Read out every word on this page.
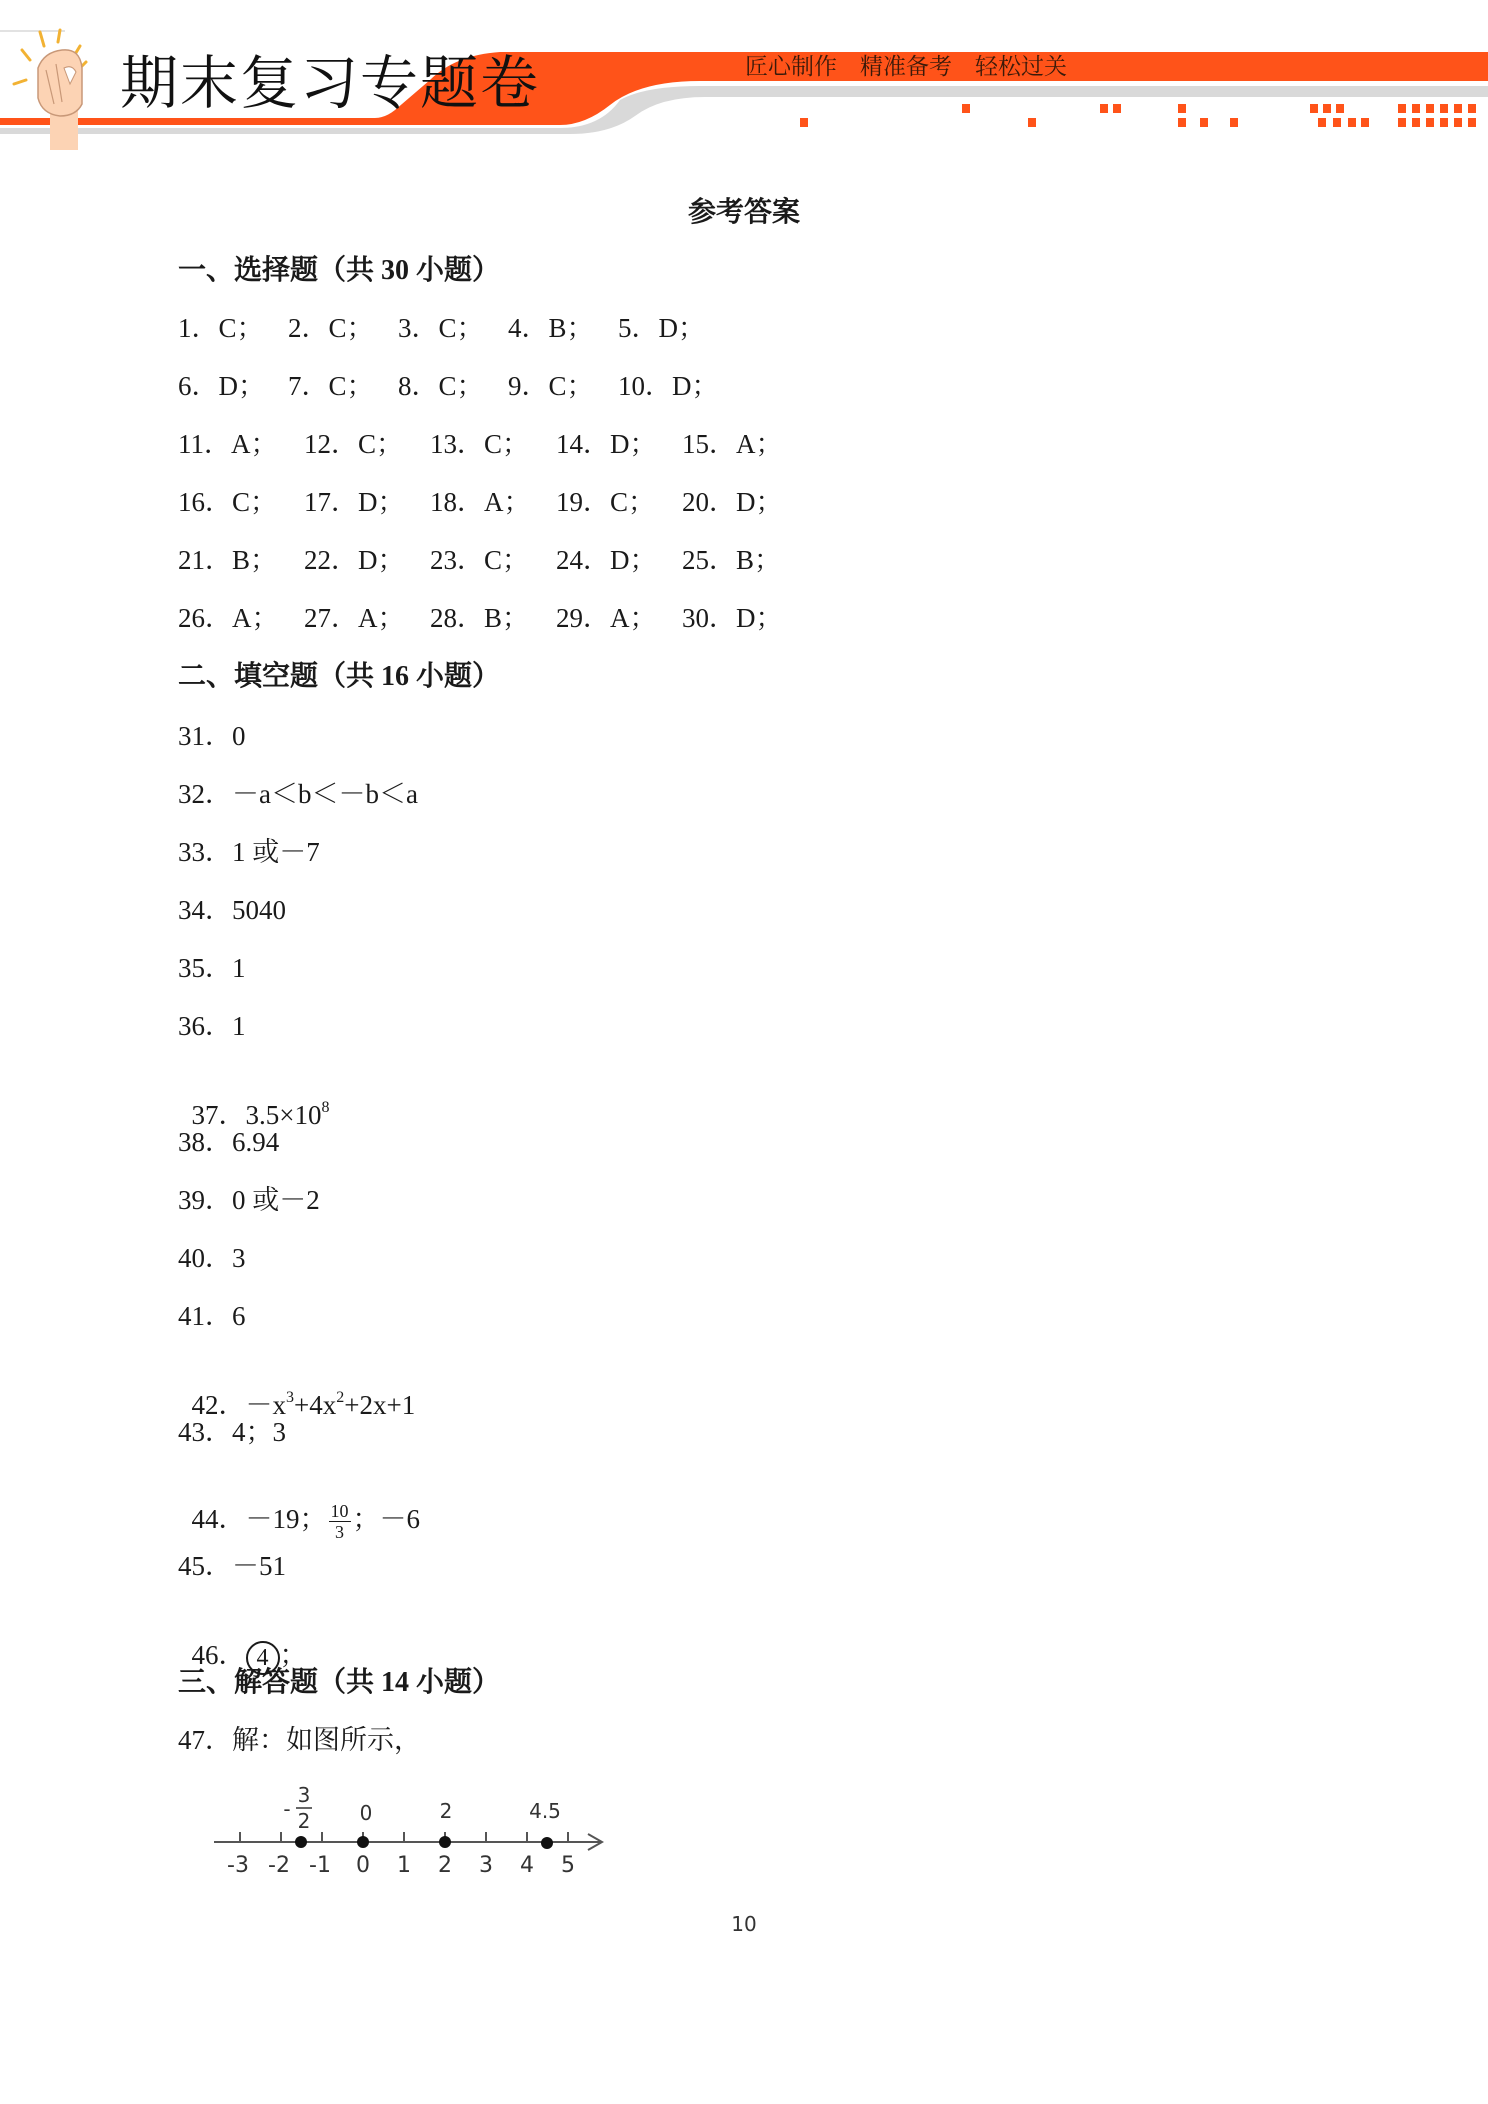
期末复习专题卷	匠心制作　精准备考　轻松过关
参考答案
一、选择题（共 30 小题）
1．C； 2．C； 3．C； 4．B； 5．D；
6．D； 7．C； 8．C； 9．C； 10．D；
11．A； 12．C； 13．C； 14．D； 15．A；
16．C； 17．D； 18．A； 19．C； 20．D；
21．B； 22．D； 23．C； 24．D； 25．B；
26．A； 27．A； 28．B； 29．A； 30．D；
二、填空题（共 16 小题）
31．0
32．－a＜b＜－b＜a
33．1 或－7
34．5040
35．1
36．1

37．$3.5\times 10^8$

38．6.94
39．0 或－2
40．3
41．6

42．$-x^3+4x^2+2x+1$

43．4；3

44．－19； $\frac{10}{3}$ ；－6

45．－51

46． 4 ；

三、解答题（共 14 小题）
47．解：如图所示，
-3 -2 -1 0 1 2 3 4 5
3
- 2 0	2	4.5
10
